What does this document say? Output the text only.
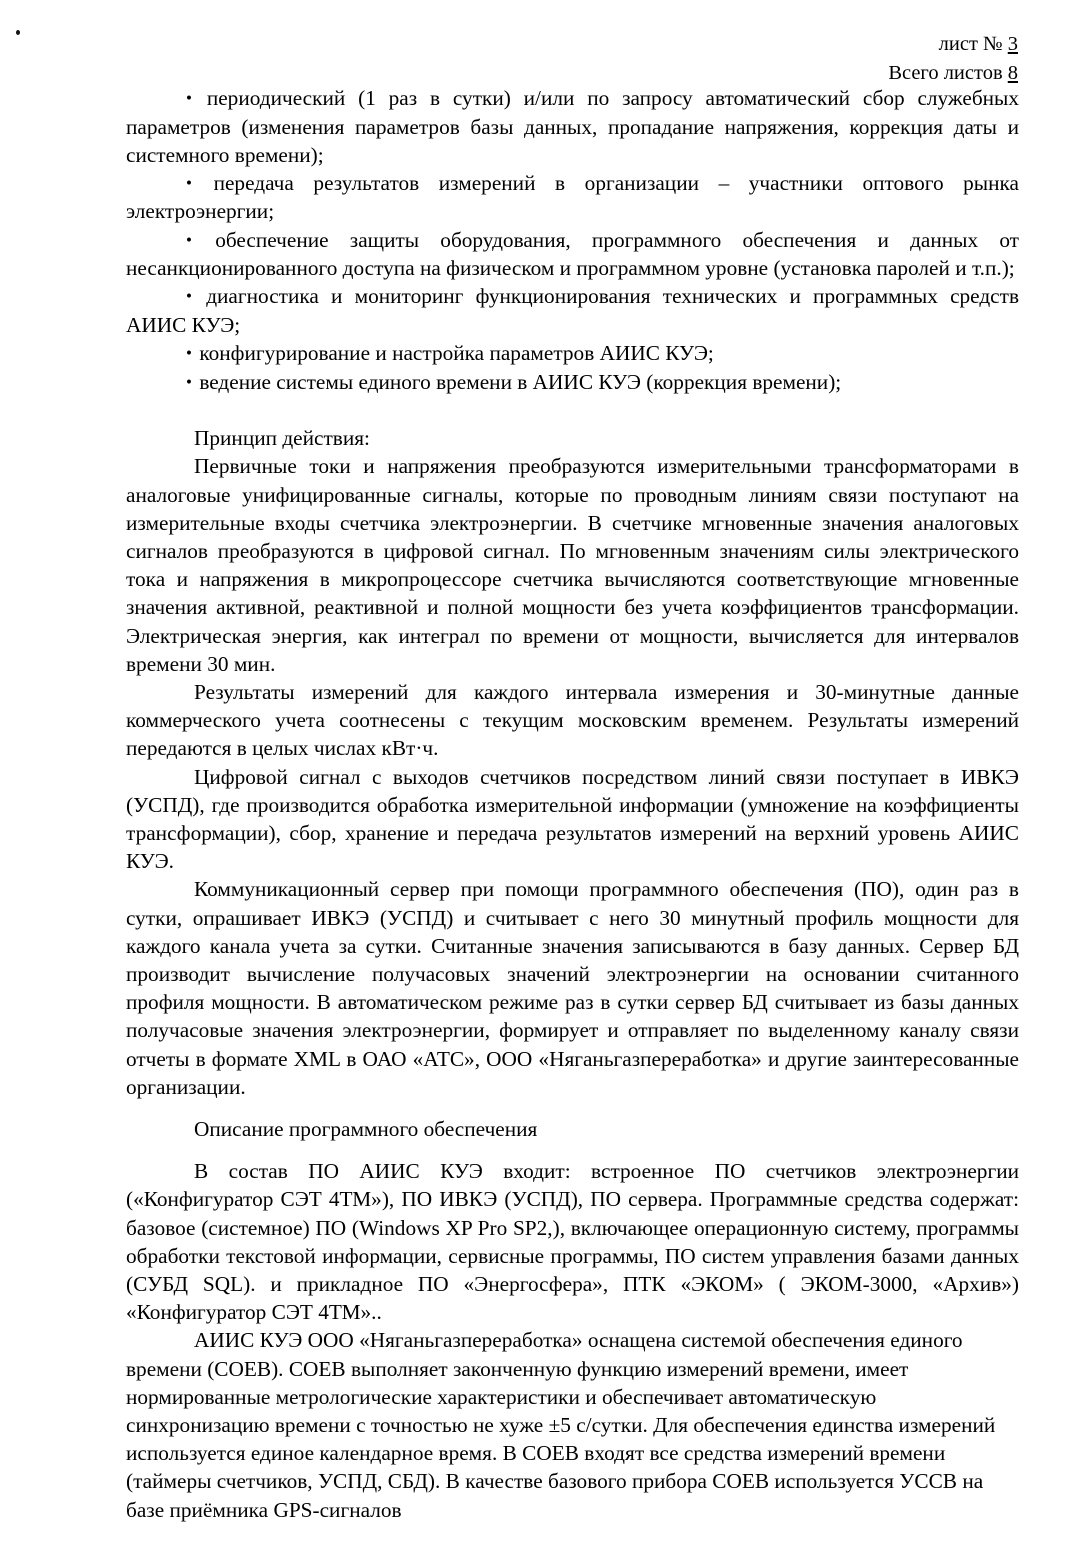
лист № 3
Всего листов 8

• периодический (1 раз в сутки) и/или по запросу автоматический сбор служебных параметров (изменения параметров базы данных, пропадание напряжения, коррекция даты и системного времени);

• передача результатов измерений в организации – участники оптового рынка электроэнергии;

• обеспечение защиты оборудования, программного обеспечения и данных от несанкционированного доступа на физическом и программном уровне (установка паролей и т.п.);

• диагностика и мониторинг функционирования технических и программных средств АИИС КУЭ;

• конфигурирование и настройка параметров АИИС КУЭ;

• ведение системы единого времени в АИИС КУЭ (коррекция времени);

Принцип действия:

Первичные токи и напряжения преобразуются измерительными трансформаторами в аналоговые унифицированные сигналы, которые по проводным линиям связи поступают на измерительные входы счетчика электроэнергии. В счетчике мгновенные значения аналоговых сигналов преобразуются в цифровой сигнал. По мгновенным значениям силы электрического тока и напряжения в микропроцессоре счетчика вычисляются соответствующие мгновенные значения активной, реактивной и полной мощности без учета коэффициентов трансформации. Электрическая энергия, как интеграл по времени от мощности, вычисляется для интервалов времени 30 мин.

Результаты измерений для каждого интервала измерения и 30-минутные данные коммерческого учета соотнесены с текущим московским временем. Результаты измерений передаются в целых числах кВт·ч.

Цифровой сигнал с выходов счетчиков посредством линий связи поступает в ИВКЭ (УСПД), где производится обработка измерительной информации (умножение на коэффициенты трансформации), сбор, хранение и передача результатов измерений на верхний уровень АИИС КУЭ.

Коммуникационный сервер при помощи программного обеспечения (ПО), один раз в сутки, опрашивает ИВКЭ (УСПД) и считывает с него 30 минутный профиль мощности для каждого канала учета за сутки. Считанные значения записываются в базу данных. Сервер БД производит вычисление получасовых значений электроэнергии на основании считанного профиля мощности. В автоматическом режиме раз в сутки сервер БД считывает из базы данных получасовые значения электроэнергии, формирует и отправляет по выделенному каналу связи отчеты в формате XML в ОАО «АТС», ООО «Няганьгазпереработка» и другие заинтересованные организации.

Описание программного обеспечения

В состав ПО АИИС КУЭ входит: встроенное ПО счетчиков электроэнергии («Конфигуратор СЭТ 4ТМ»), ПО ИВКЭ (УСПД), ПО сервера. Программные средства содержат: базовое (системное) ПО (Windows XP Pro SP2,), включающее операционную систему, программы обработки текстовой информации, сервисные программы, ПО систем управления базами данных (СУБД SQL). и прикладное ПО «Энергосфера», ПТК «ЭКОМ» ( ЭКОМ-3000, «Архив») «Конфигуратор СЭТ 4ТМ»..

АИИС КУЭ ООО «Няганьгазпереработка» оснащена системой обеспечения единого времени (СОЕВ). СОЕВ выполняет законченную функцию измерений времени, имеет нормированные метрологические характеристики и обеспечивает автоматическую синхронизацию времени с точностью не хуже ±5 с/сутки. Для обеспечения единства измерений используется единое календарное время. В СОЕВ входят все средства измерений времени (таймеры счетчиков, УСПД, СБД). В качестве базового прибора СОЕВ используется УССВ на базе приёмника GPS-сигналов
